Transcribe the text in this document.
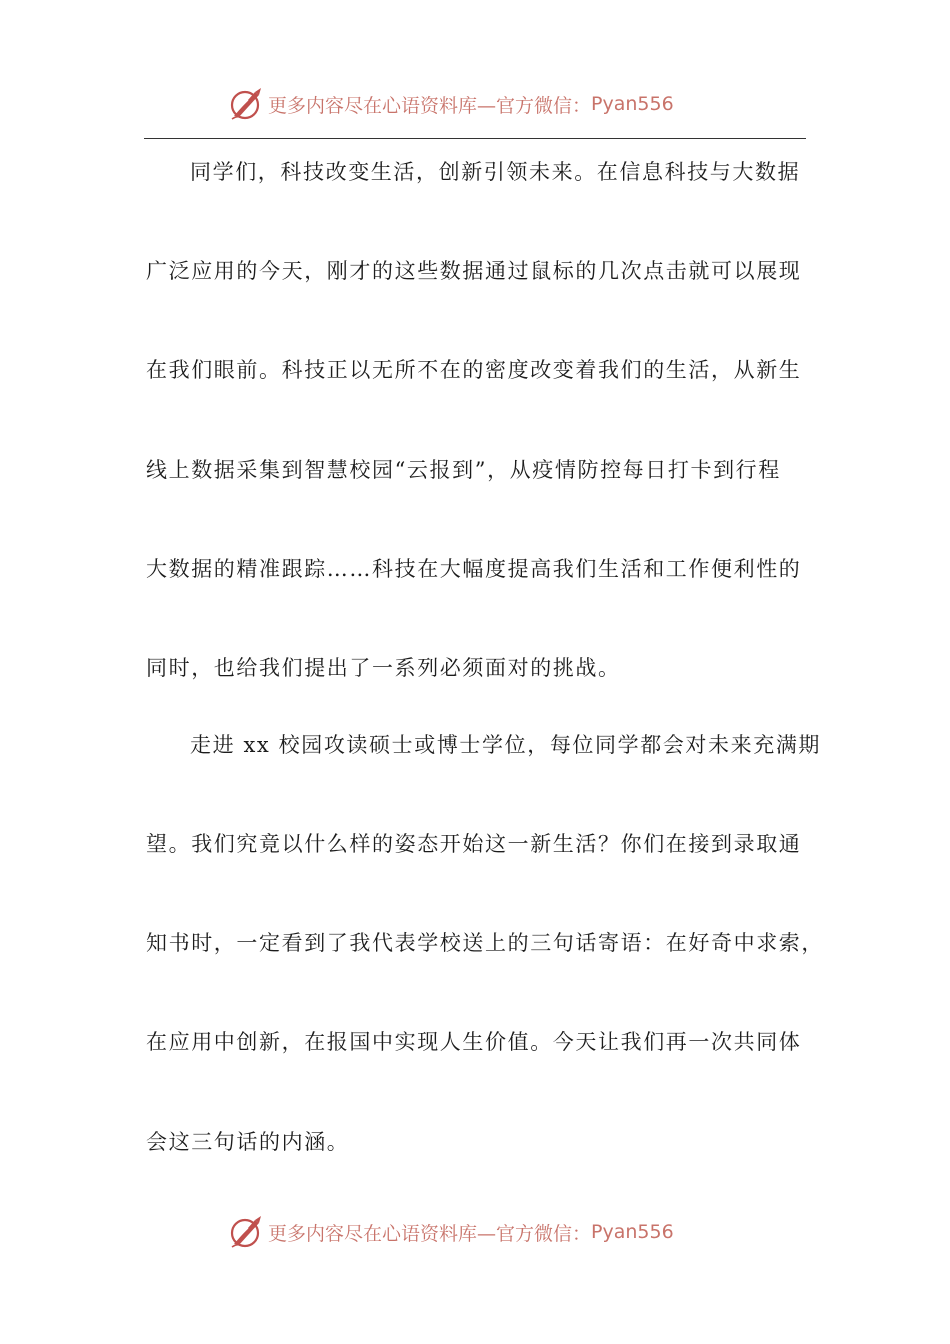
更多内容尽在心语资料库—官方微信： Pyan556
同学们，科技改变生活，创新引领未来。在信息科技与大数据
广泛应用的今天，刚才的这些数据通过鼠标的几次点击就可以展现
在我们眼前。科技正以无所不在的密度改变着我们的生活，从新生
线上数据采集到智慧校园“云报到”，从疫情防控每日打卡到行程
大数据的精准跟踪……科技在大幅度提高我们生活和工作便利性的
同时，也给我们提出了一系列必须面对的挑战。
走进 xx 校园攻读硕士或博士学位，每位同学都会对未来充满期
望。我们究竟以什么样的姿态开始这一新生活？你们在接到录取通
知书时，一定看到了我代表学校送上的三句话寄语：在好奇中求索，
在应用中创新，在报国中实现人生价值。今天让我们再一次共同体
会这三句话的内涵。
更多内容尽在心语资料库—官方微信： Pyan556
